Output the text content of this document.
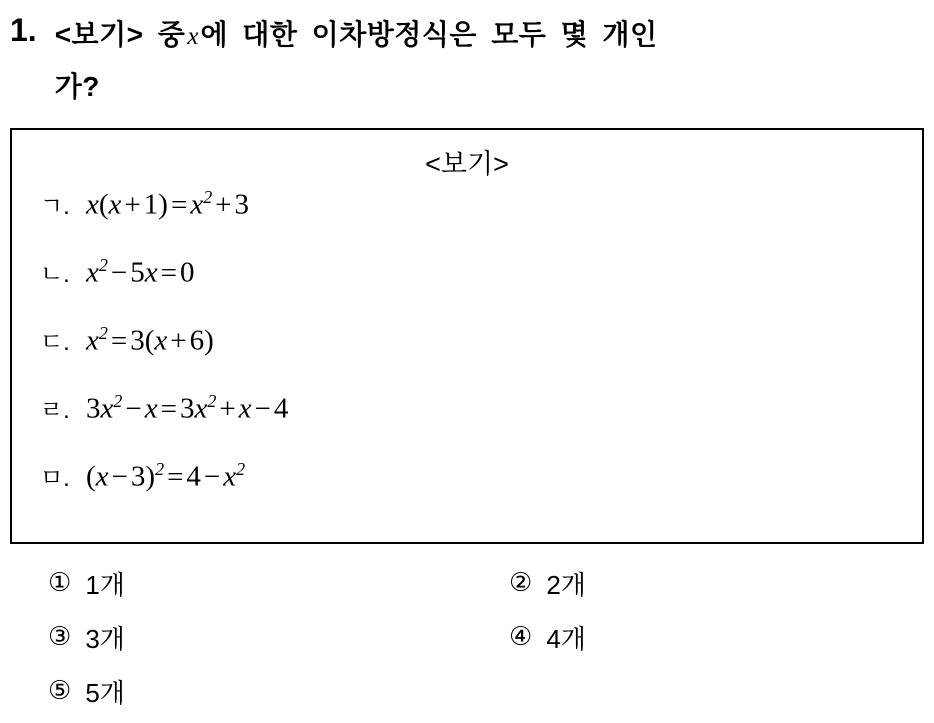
1. <보기> 중x에 대한 이차방정식은 모두 몇 개인
가?
<보기>
ㄱ. $x(x + 1) = x^2 + 3$
ㄴ. $x^2 - 5x = 0$
ㄷ. $x^2 = 3(x + 6)$
ㄹ. $3x^2 - x = 3x^2 + x - 4$
ㅁ. $(x - 3)^2 = 4 - x^2$
① 1개	② 2개
③ 3개	④ 4개
⑤ 5개
